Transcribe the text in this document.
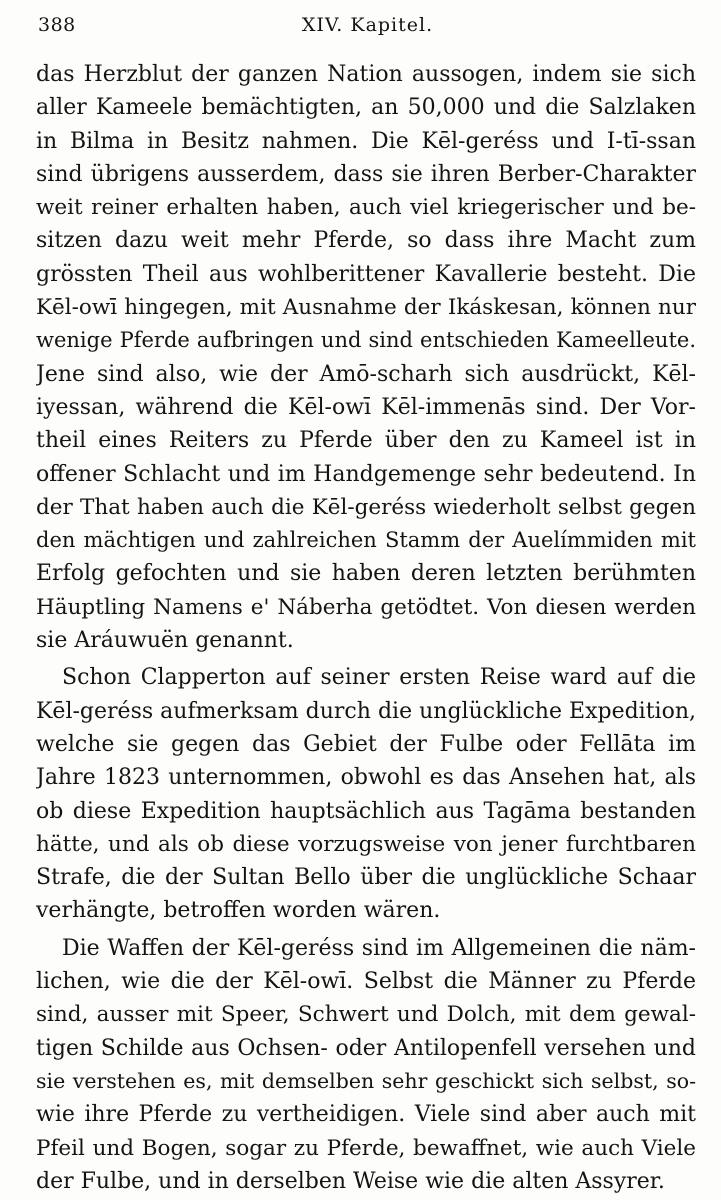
388	XIV. Kapitel.
das Herzblut der ganzen Nation aussogen, indem sie sich
aller Kameele bemächtigten, an 50,000 und die Salzlaken
in Bilma in Besitz nahmen. Die Kēl-geréss und I-tī-ssan
sind übrigens ausserdem, dass sie ihren Berber-Charakter
weit reiner erhalten haben, auch viel kriegerischer und be-
sitzen dazu weit mehr Pferde, so dass ihre Macht zum
grössten Theil aus wohlberittener Kavallerie besteht. Die
Kēl-owī hingegen, mit Ausnahme der Ikáskesan, können nur
wenige Pferde aufbringen und sind entschieden Kameelleute.
Jene sind also, wie der Amō-scharh sich ausdrückt, Kēl-
iyessan, während die Kēl-owī Kēl-immenās sind. Der Vor-
theil eines Reiters zu Pferde über den zu Kameel ist in
offener Schlacht und im Handgemenge sehr bedeutend. In
der That haben auch die Kēl-geréss wiederholt selbst gegen
den mächtigen und zahlreichen Stamm der Auelímmiden mit
Erfolg gefochten und sie haben deren letzten berühmten
Häuptling Namens e' Náberha getödtet. Von diesen werden
sie Aráuwuën genannt.
Schon Clapperton auf seiner ersten Reise ward auf die
Kēl-geréss aufmerksam durch die unglückliche Expedition,
welche sie gegen das Gebiet der Fulbe oder Fellāta im
Jahre 1823 unternommen, obwohl es das Ansehen hat, als
ob diese Expedition hauptsächlich aus Tagāma bestanden
hätte, und als ob diese vorzugsweise von jener furchtbaren
Strafe, die der Sultan Bello über die unglückliche Schaar
verhängte, betroffen worden wären.
Die Waffen der Kēl-geréss sind im Allgemeinen die näm-
lichen, wie die der Kēl-owī. Selbst die Männer zu Pferde
sind, ausser mit Speer, Schwert und Dolch, mit dem gewal-
tigen Schilde aus Ochsen- oder Antilopenfell versehen und
sie verstehen es, mit demselben sehr geschickt sich selbst, so-
wie ihre Pferde zu vertheidigen. Viele sind aber auch mit
Pfeil und Bogen, sogar zu Pferde, bewaffnet, wie auch Viele
der Fulbe, und in derselben Weise wie die alten Assyrer.
